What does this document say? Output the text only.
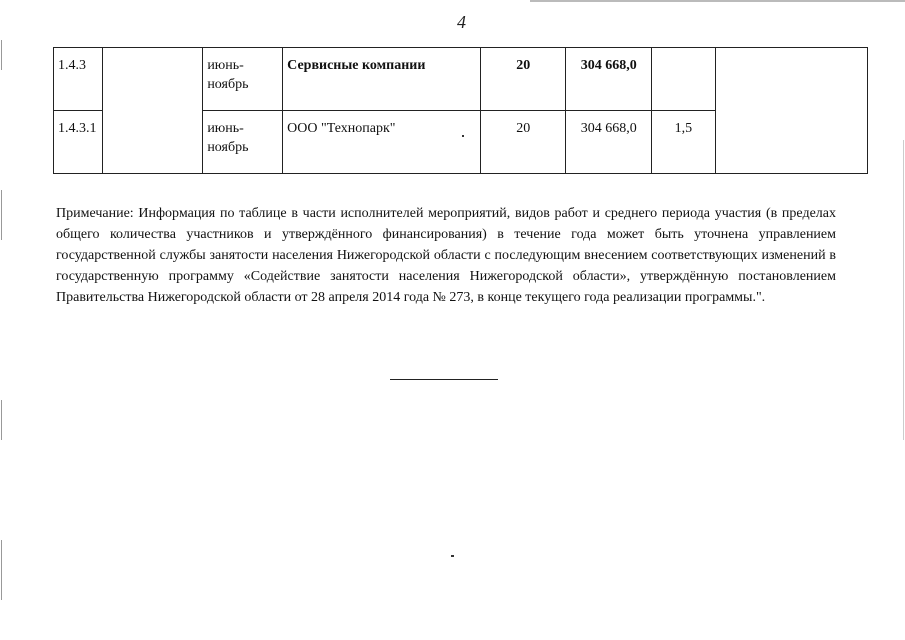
4
1.4.3		июнь-ноябрь	Сервисные компании	20	304 668,0		
1.4.3.1		июнь-ноябрь	ООО "Технопарк"	20	304 668,0	1,5	
Примечание: Информация по таблице в части исполнителей мероприятий, видов работ и среднего периода участия (в пределах общего количества участников и утверждённого финансирования) в течение года может быть уточнена управлением государственной службы занятости населения Нижегородской области с последующим внесением соответствующих изменений в государственную программу «Содействие занятости населения Нижегородской области», утверждённую постановлением Правительства Нижегородской области от 28 апреля 2014 года № 273, в конце текущего года реализации программы.".
